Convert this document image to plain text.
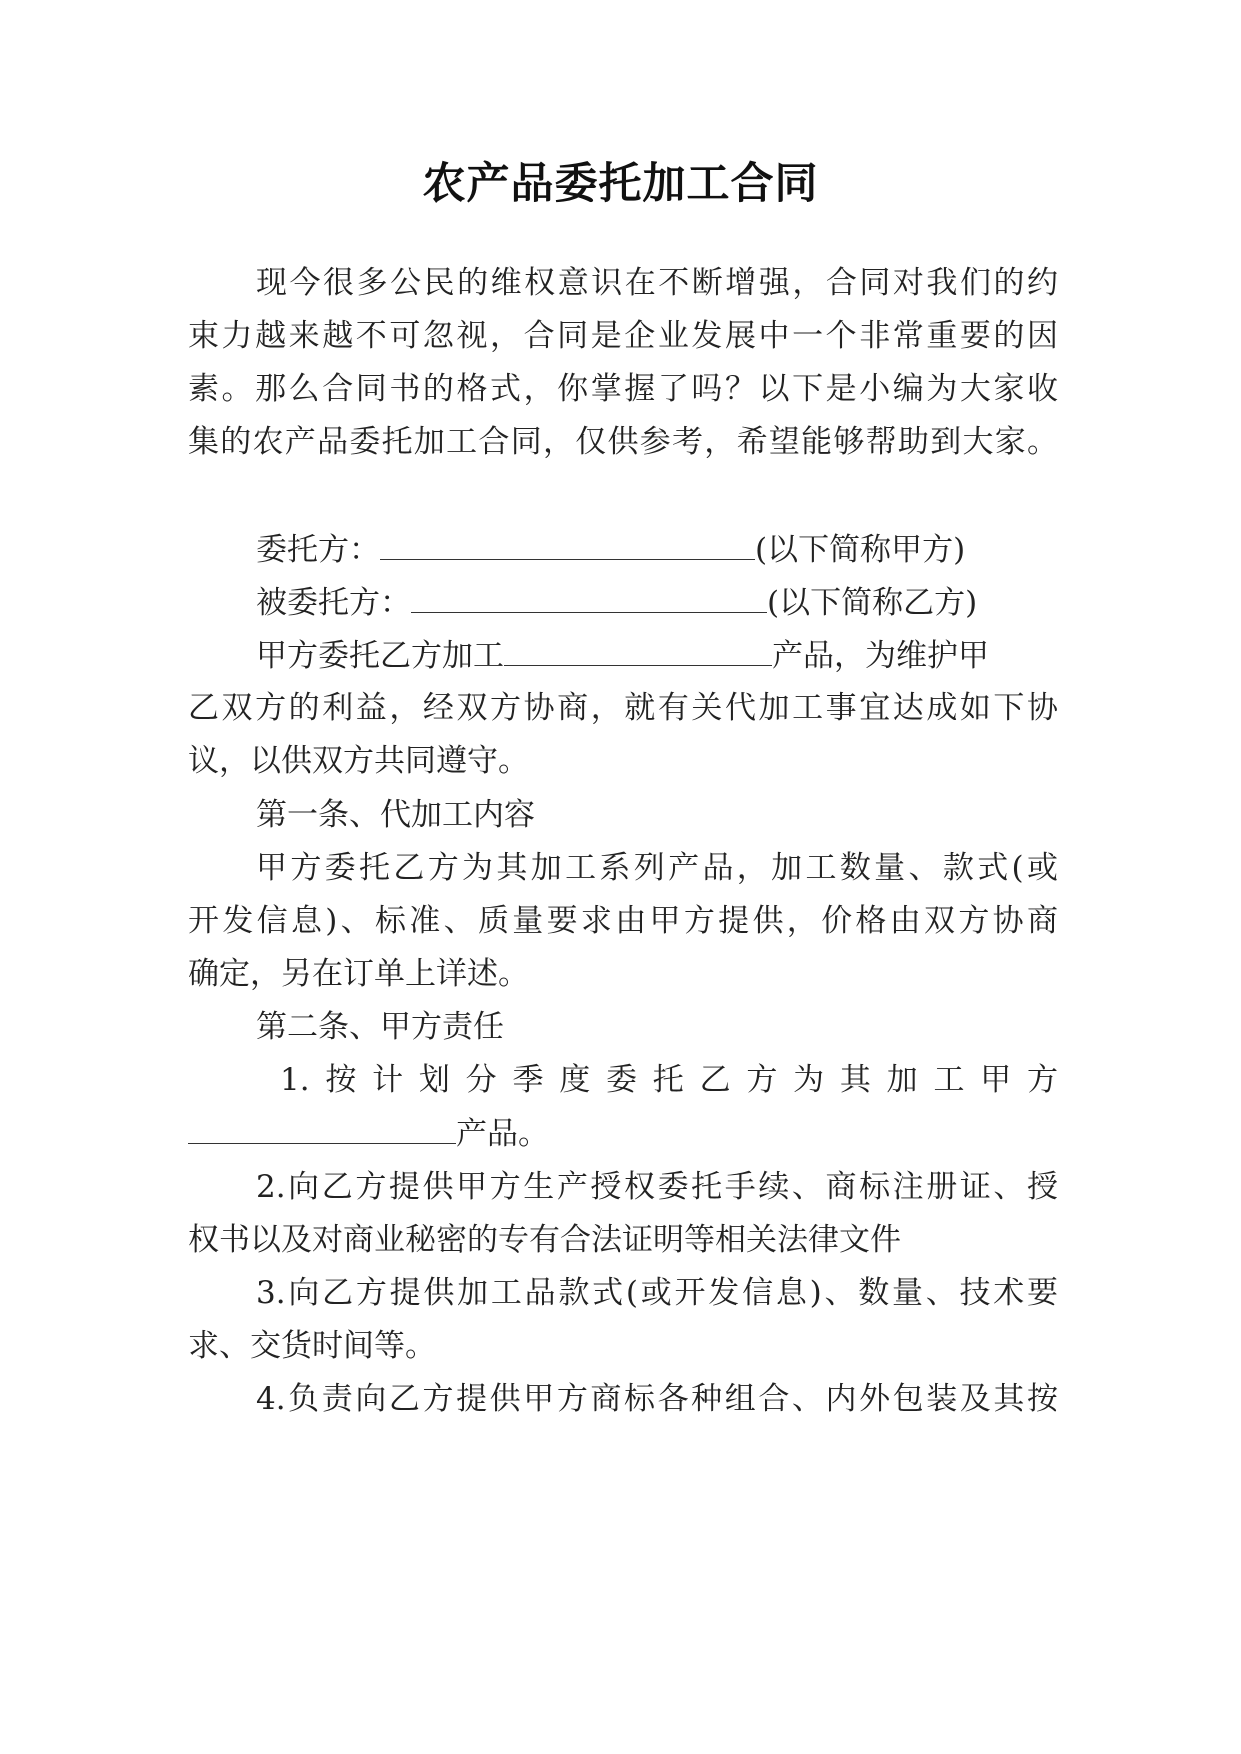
农产品委托加工合同
现今很多公民的维权意识在不断增强，合同对我们的约
束力越来越不可忽视，合同是企业发展中一个非常重要的因
素。那么合同书的格式，你掌握了吗？以下是小编为大家收
集的农产品委托加工合同，仅供参考，希望能够帮助到大家。
委托方：	(以下简称甲方)
被委托方：	(以下简称乙方)
甲方委托乙方加工	产品，为维护甲
乙双方的利益，经双方协商，就有关代加工事宜达成如下协
议，以供双方共同遵守。
第一条、代加工内容
甲方委托乙方为其加工系列产品，加工数量、款式(或
开发信息)、标准、质量要求由甲方提供，价格由双方协商
确定，另在订单上详述。
第二条、甲方责任
1.按计划分季度委托乙方为其加工甲方
产品。
2.向乙方提供甲方生产授权委托手续、商标注册证、授
权书以及对商业秘密的专有合法证明等相关法律文件
3.向乙方提供加工品款式(或开发信息)、数量、技术要
求、交货时间等。
4.负责向乙方提供甲方商标各种组合、内外包装及其按
